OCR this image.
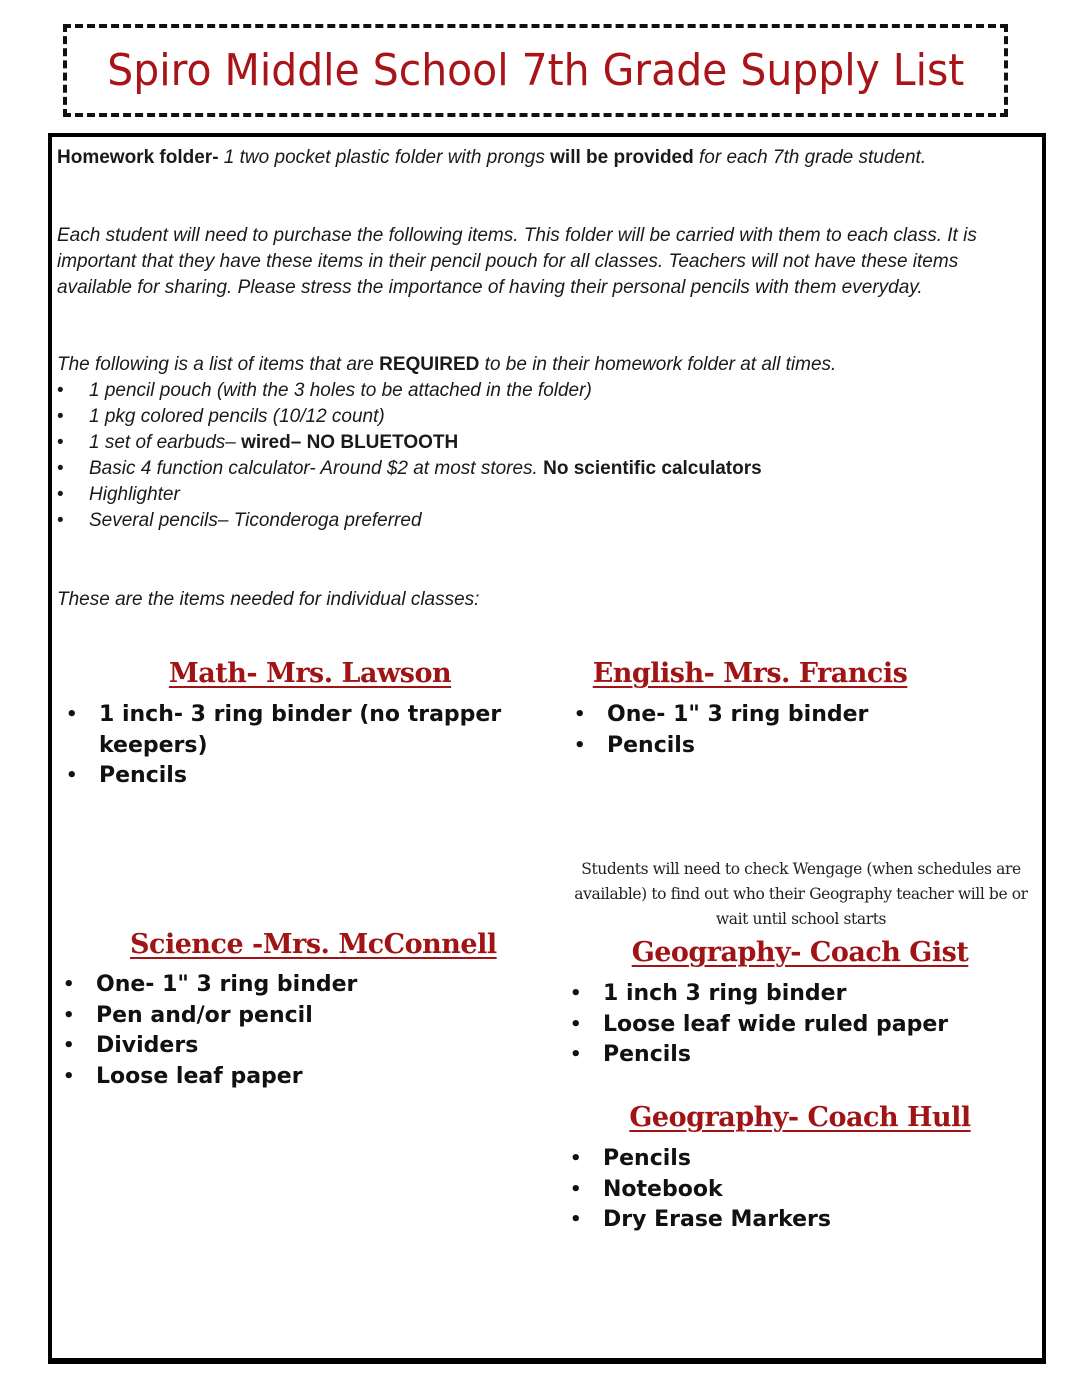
Spiro Middle School 7th Grade Supply List
Homework folder- 1 two pocket plastic folder with prongs will be provided for each 7th grade student.
Each student will need to purchase the following items. This folder will be carried with them to each class. It is important that they have these items in their pencil pouch for all classes. Teachers will not have these items available for sharing. Please stress the importance of having their personal pencils with them everyday.
The following is a list of items that are REQUIRED to be in their homework folder at all times.
• 1 pencil pouch (with the 3 holes to be attached in the folder)
• 1 pkg colored pencils (10/12 count)
• 1 set of earbuds– wired– NO BLUETOOTH
• Basic 4 function calculator- Around $2 at most stores. No scientific calculators
• Highlighter
• Several pencils– Ticonderoga preferred
These are the items needed for individual classes:
Math- Mrs. Lawson
• 1 inch- 3 ring binder (no trapper keepers)
• Pencils
English- Mrs. Francis
• One- 1" 3 ring binder
• Pencils
Science -Mrs. McConnell
• One- 1" 3 ring binder
• Pen and/or pencil
• Dividers
• Loose leaf paper
Students will need to check Wengage (when schedules are available) to find out who their Geography teacher will be or wait until school starts
Geography- Coach Gist
• 1 inch 3 ring binder
• Loose leaf wide ruled paper
• Pencils
Geography- Coach Hull
• Pencils
• Notebook
• Dry Erase Markers
